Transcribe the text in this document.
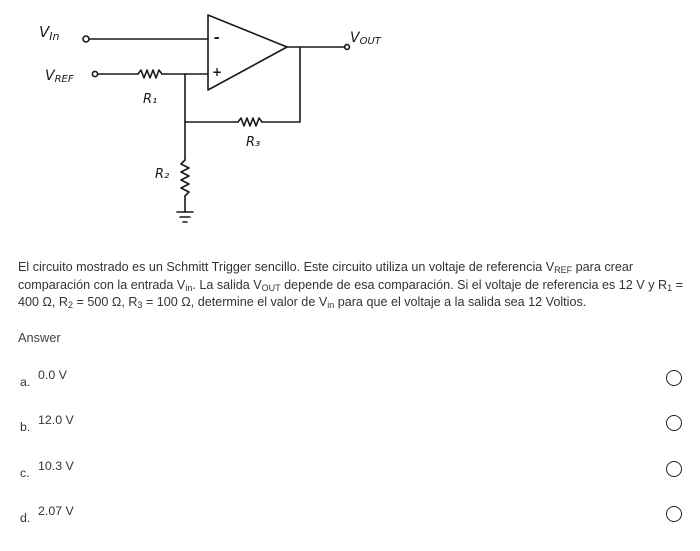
$V_{In}$
VREF
VOUT
R₁
R₂
R₃
-
+
El circuito mostrado es un Schmitt Trigger sencillo. Este circuito utiliza un voltaje de referencia $V_{REF}$ para crear comparación con la entrada $V_{in}$. La salida $V_{OUT}$ depende de esa comparación. Si el voltaje de referencia es 12 V y $R_1 = 400$ Ω, $R_2 = 500$ Ω, $R_3 = 100$ Ω, determine el valor de $V_{in}$ para que el voltaje a la salida sea 12 Voltios.
Answer
a. 0.0 V
b. 12.0 V
c. 10.3 V
d. 2.07 V
